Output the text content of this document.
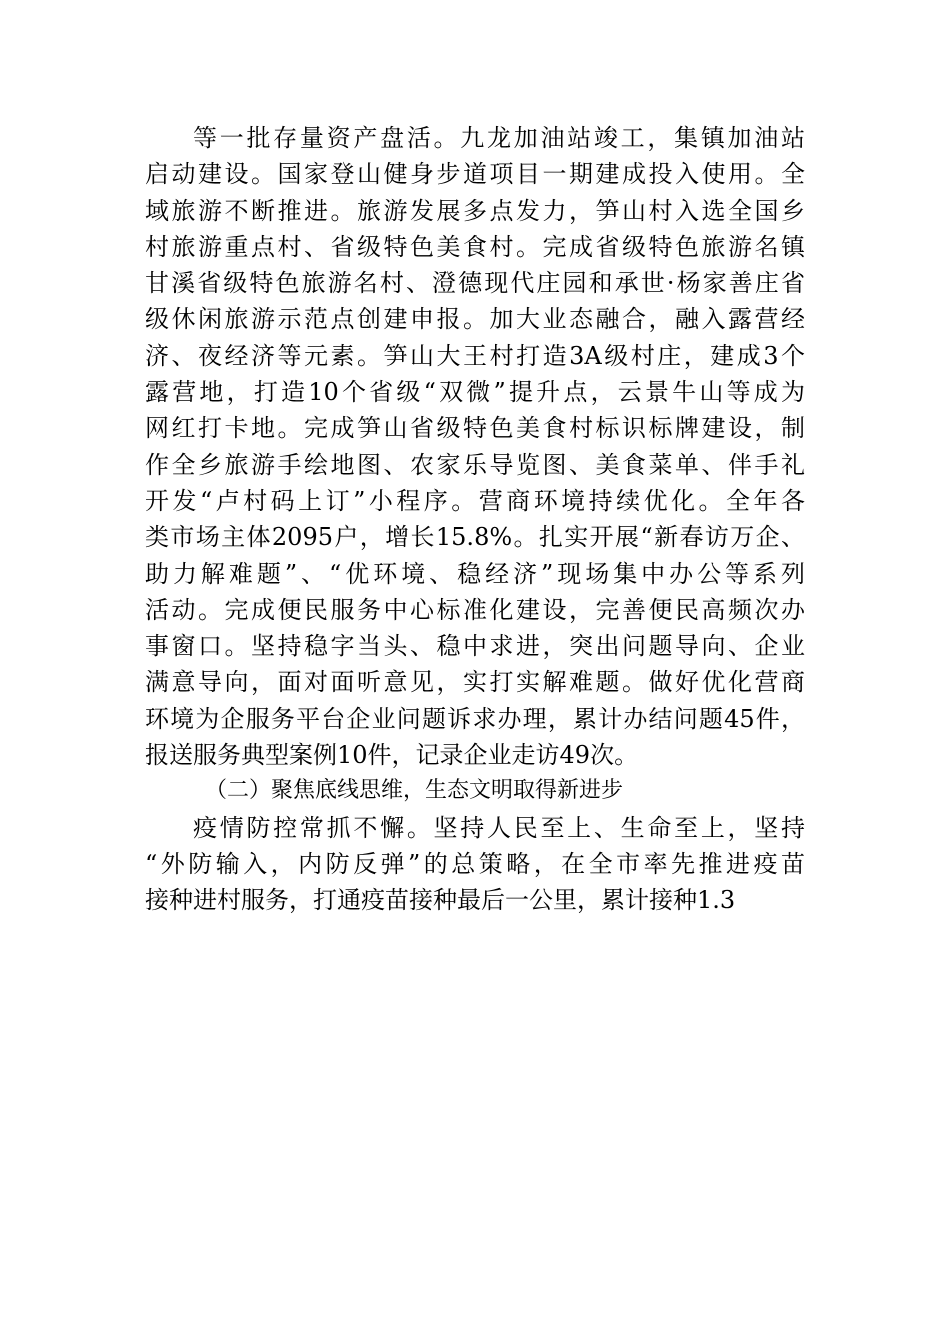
等一批存量资产盘活。九龙加油站竣工，集镇加油站
启动建设。国家登山健身步道项目一期建成投入使用。全
域旅游不断推进。旅游发展多点发力，笋山村入选全国乡
村旅游重点村、省级特色美食村。完成省级特色旅游名镇
甘溪省级特色旅游名村、澄德现代庄园和承世·杨家善庄省
级休闲旅游示范点创建申报。加大业态融合，融入露营经
济、夜经济等元素。笋山大王村打造3A级村庄，建成3个
露营地，打造10个省级“双微”提升点，云景牛山等成为
网红打卡地。完成笋山省级特色美食村标识标牌建设，制
作全乡旅游手绘地图、农家乐导览图、美食菜单、伴手礼
开发“卢村码上订”小程序。营商环境持续优化。全年各
类市场主体2095户，增长15.8%。扎实开展“新春访万企、
助力解难题”、“优环境、稳经济”现场集中办公等系列
活动。完成便民服务中心标准化建设，完善便民高频次办
事窗口。坚持稳字当头、稳中求进，突出问题导向、企业
满意导向，面对面听意见，实打实解难题。做好优化营商
环境为企服务平台企业问题诉求办理，累计办结问题45件，
报送服务典型案例10件，记录企业走访49次。
（二）聚焦底线思维，生态文明取得新进步
疫情防控常抓不懈。坚持人民至上、生命至上，坚持
“外防输入，内防反弹”的总策略，在全市率先推进疫苗
接种进村服务，打通疫苗接种最后一公里，累计接种1.3
